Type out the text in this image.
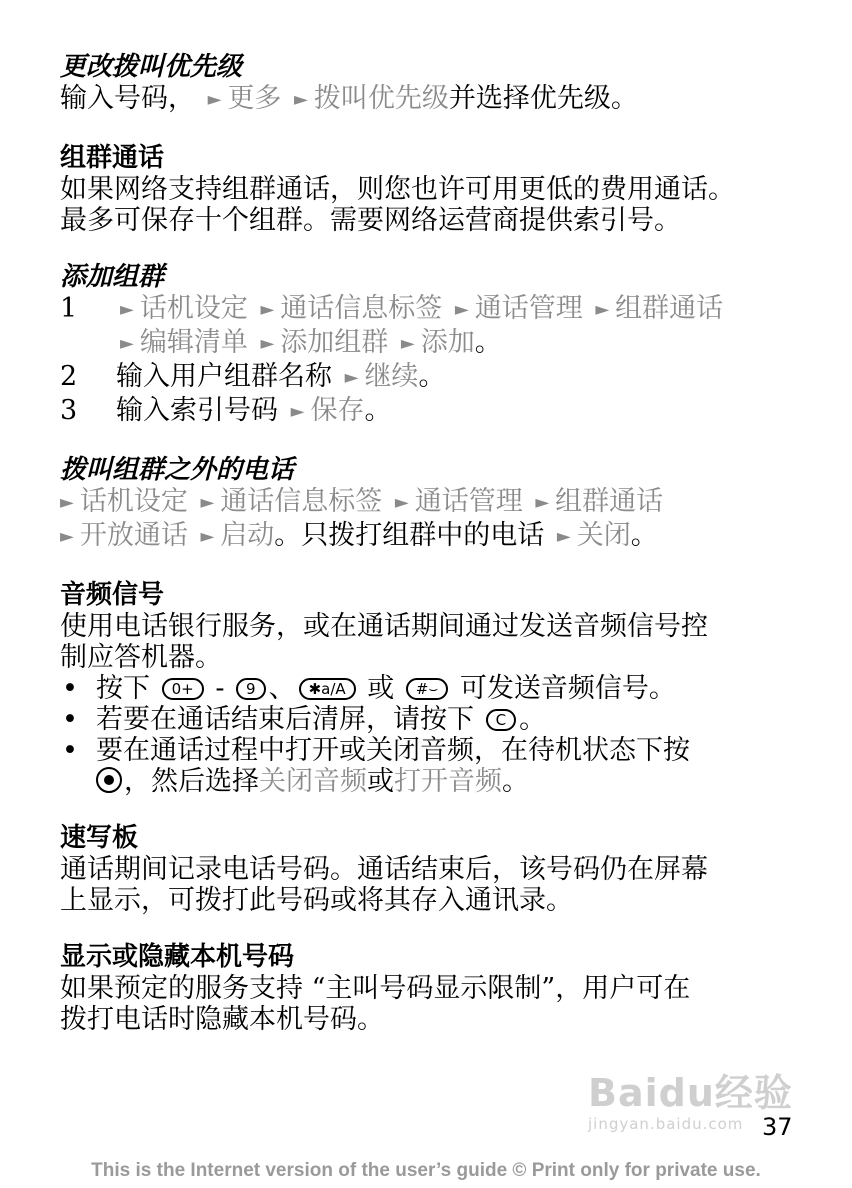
更改拨叫优先级
输入号码， ► 更多 ► 拨叫优先级并选择优先级。
组群通话
如果网络支持组群通话，则您也许可用更低的费用通话。
最多可保存十个组群。需要网络运营商提供索引号。
添加组群
1	► 话机设定 ► 通话信息标签 ► 通话管理 ► 组群通话
► 编辑清单 ► 添加组群 ► 添加。
2	输入用户组群名称 ► 继续。
3	输入索引号码 ► 保存。
拨叫组群之外的电话
► 话机设定 ► 通话信息标签 ► 通话管理 ► 组群通话
► 开放通话 ► 启动。只拨打组群中的电话 ► 关闭。
音频信号
使用电话银行服务，或在通话期间通过发送音频信号控
制应答机器。
• 按下 0+ - 9 、 ✱a/A 或 #⌣ 可发送音频信号。
• 若要在通话结束后清屏，请按下 C 。
• 要在通话过程中打开或关闭音频，在待机状态下按
，然后选择关闭音频或打开音频。
速写板
通话期间记录电话号码。通话结束后，该号码仍在屏幕
上显示，可拨打此号码或将其存入通讯录。
显示或隐藏本机号码
如果预定的服务支持 “主叫号码显示限制”，用户可在
拨打电话时隐藏本机号码。
Baidu经验
jingyan.baidu.com 37
This is the Internet version of the user’s guide © Print only for private use.
